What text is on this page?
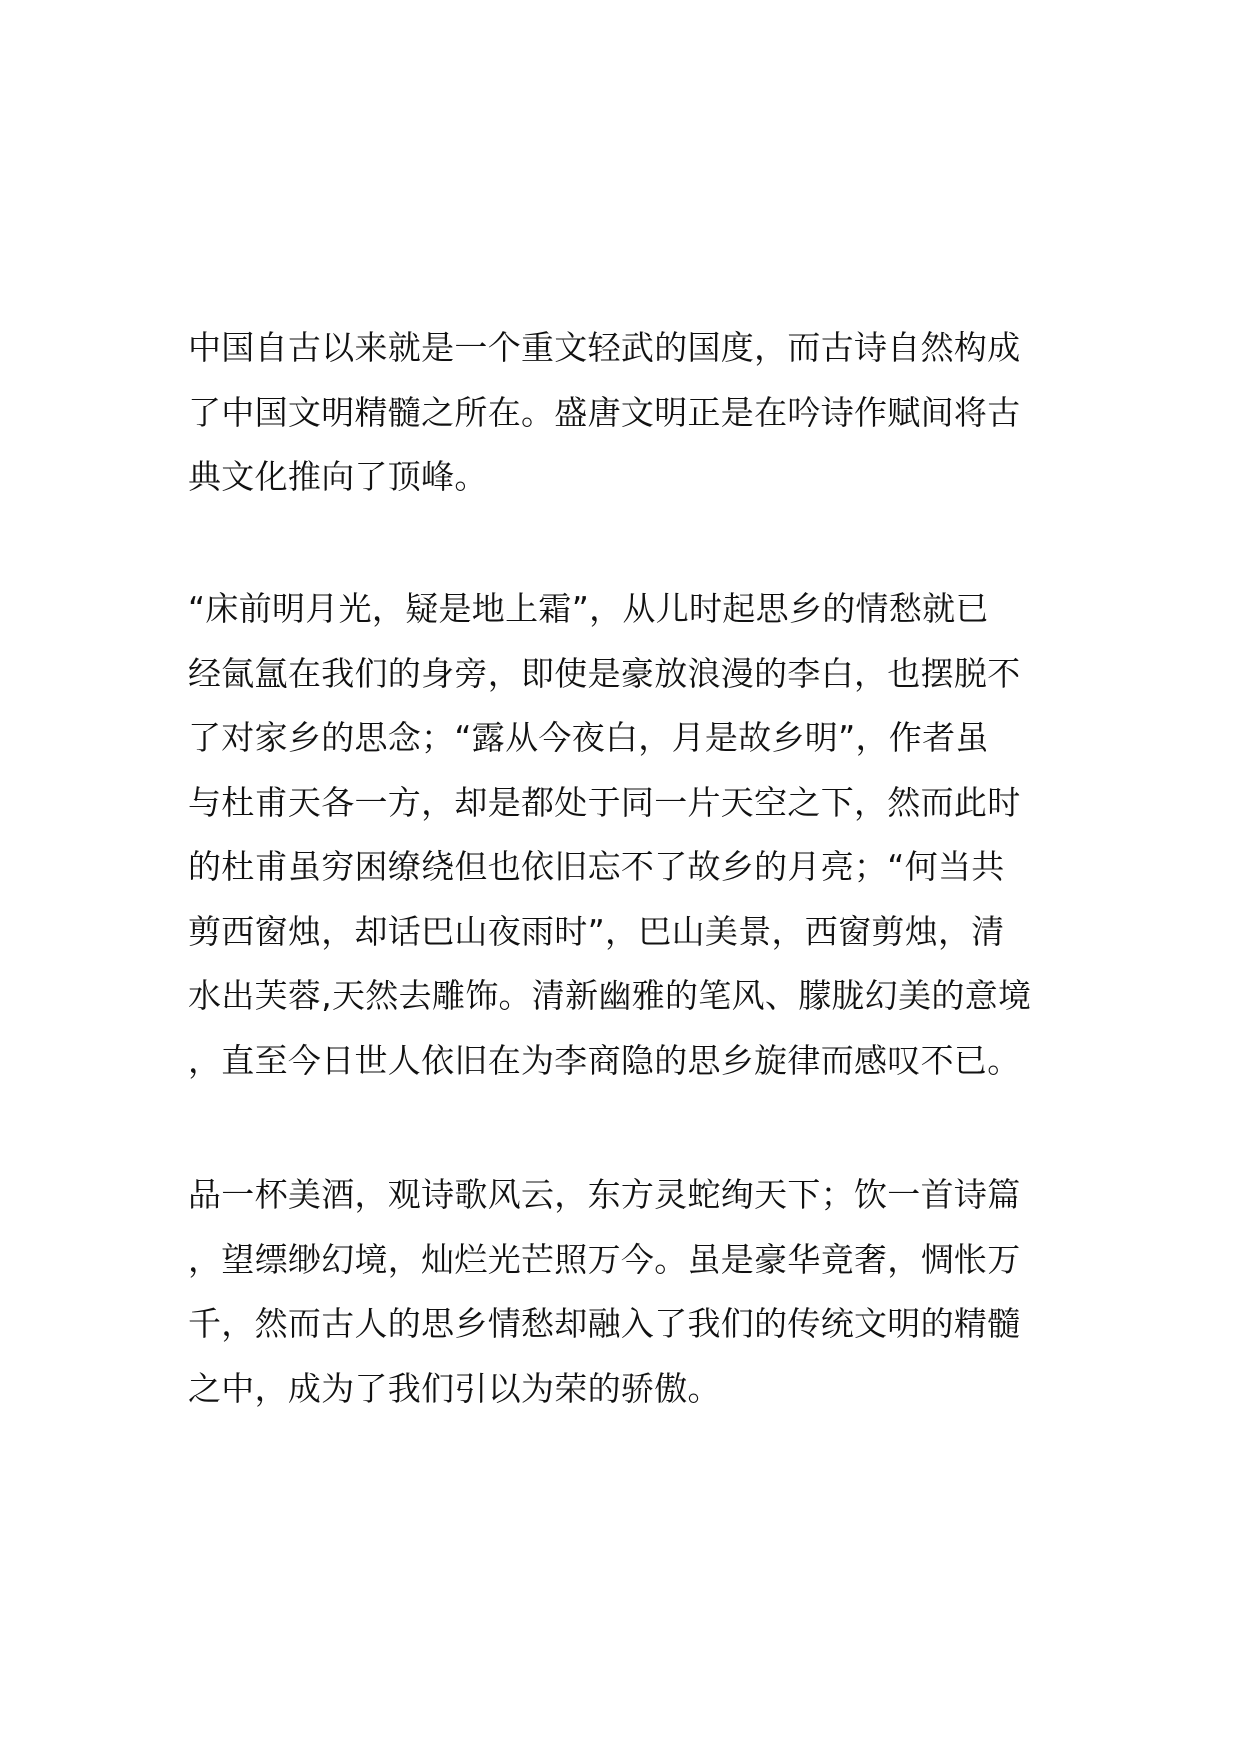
中国自古以来就是一个重文轻武的国度，而古诗自然构成
了中国文明精髓之所在。盛唐文明正是在吟诗作赋间将古
典文化推向了顶峰。
“床前明月光，疑是地上霜”，从儿时起思乡的情愁就已
经氤氲在我们的身旁，即使是豪放浪漫的李白，也摆脱不
了对家乡的思念；“露从今夜白，月是故乡明”，作者虽
与杜甫天各一方，却是都处于同一片天空之下，然而此时
的杜甫虽穷困缭绕但也依旧忘不了故乡的月亮；“何当共
剪西窗烛，却话巴山夜雨时”，巴山美景，西窗剪烛，清
水出芙蓉,天然去雕饰。清新幽雅的笔风、朦胧幻美的意境
，直至今日世人依旧在为李商隐的思乡旋律而感叹不已。
品一杯美酒，观诗歌风云，东方灵蛇绚天下；饮一首诗篇
，望缥缈幻境，灿烂光芒照万今。虽是豪华竟奢，惆怅万
千，然而古人的思乡情愁却融入了我们的传统文明的精髓
之中，成为了我们引以为荣的骄傲。
